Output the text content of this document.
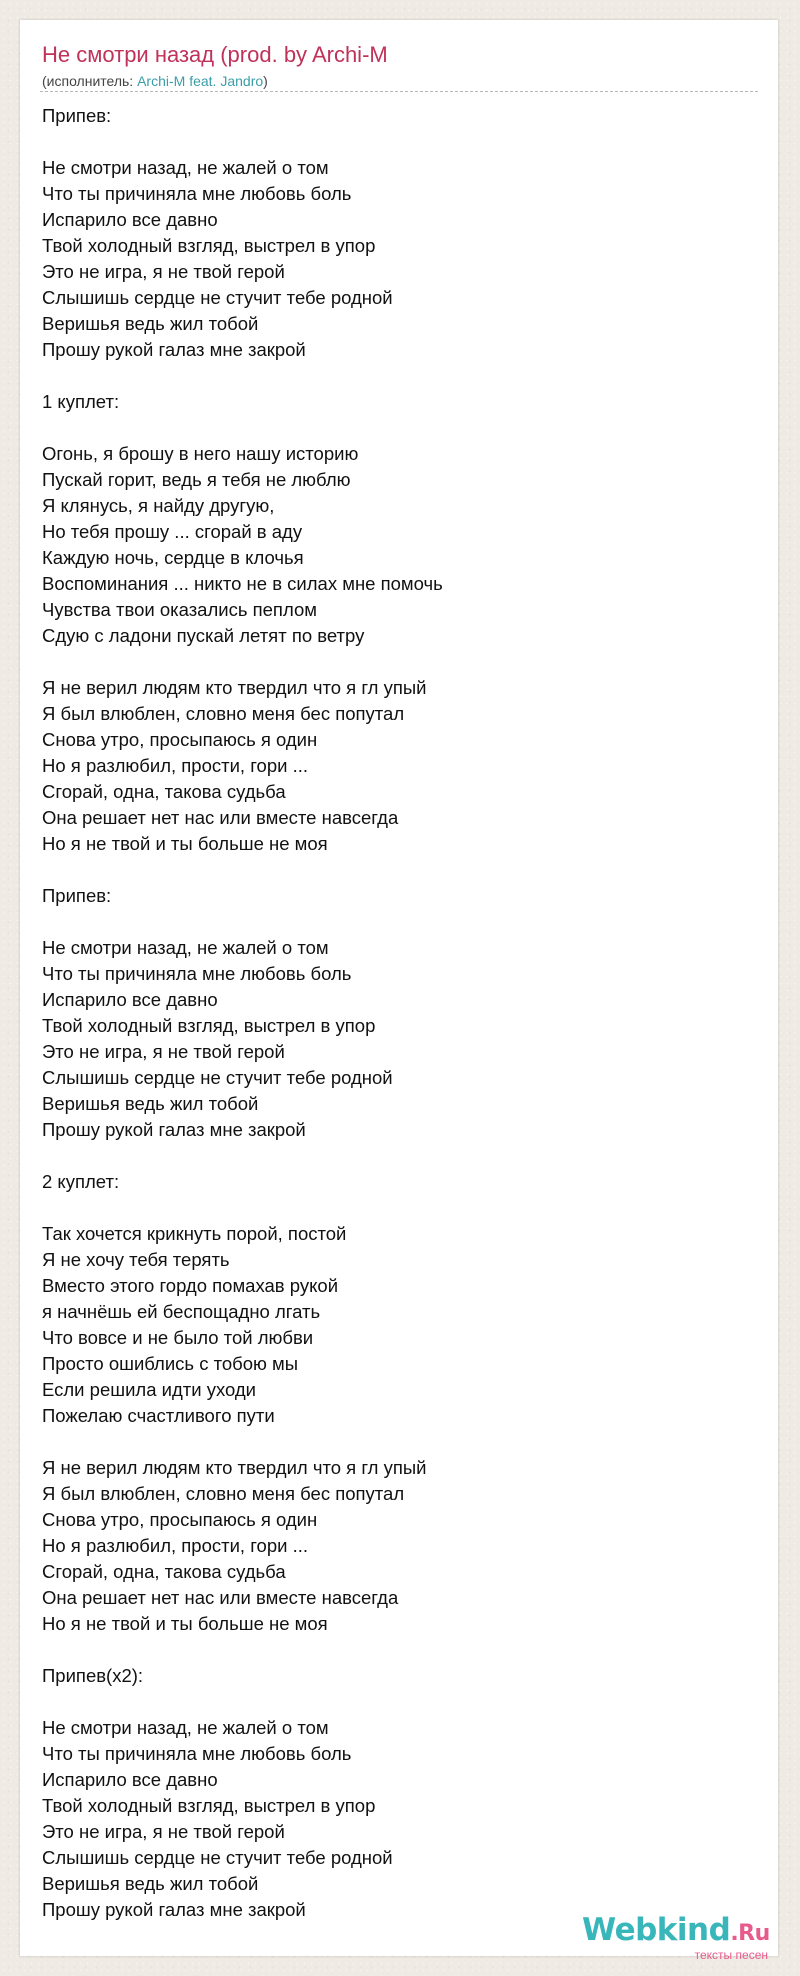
Не смотри назад (prod. by Archi-M
(исполнитель: Archi-M feat. Jandro)
Припев:
Не смотри назад, не жалей о том
Что ты причиняла мне любовь боль
Испарило все давно
Твой холодный взгляд, выстрел в упор
Это не игра, я не твой герой
Слышишь сердце не стучит тебе родной
Веришья ведь жил тобой
Прошу рукой галаз мне закрой
1 куплет:
Огонь, я брошу в него нашу историю
Пускай горит, ведь я тебя не люблю
Я клянусь, я найду другую,
Но тебя прошу ... сгорай в аду
Каждую ночь, сердце в клочья
Воспоминания ... никто не в силах мне помочь
Чувства твои оказались пеплом
Сдую с ладони пускай летят по ветру
Я не верил людям кто твердил что я гл упый
Я был влюблен, словно меня бес попутал
Снова утро, просыпаюсь я один
Но я разлюбил, прости, гори ...
Сгорай, одна, такова судьба
Она решает нет нас или вместе навсегда
Но я не твой и ты больше не моя
Припев:
Не смотри назад, не жалей о том
Что ты причиняла мне любовь боль
Испарило все давно
Твой холодный взгляд, выстрел в упор
Это не игра, я не твой герой
Слышишь сердце не стучит тебе родной
Веришья ведь жил тобой
Прошу рукой галаз мне закрой
2 куплет:
Так хочется крикнуть порой, постой
Я не хочу тебя терять
Вместо этого гордо помахав рукой
я начнёшь ей беспощадно лгать
Что вовсе и не было той любви
Просто ошиблись с тобою мы
Если решила идти уходи
Пожелаю счастливого пути
Я не верил людям кто твердил что я гл упый
Я был влюблен, словно меня бес попутал
Снова утро, просыпаюсь я один
Но я разлюбил, прости, гори ...
Сгорай, одна, такова судьба
Она решает нет нас или вместе навсегда
Но я не твой и ты больше не моя
Припев(x2):
Не смотри назад, не жалей о том
Что ты причиняла мне любовь боль
Испарило все давно
Твой холодный взгляд, выстрел в упор
Это не игра, я не твой герой
Слышишь сердце не стучит тебе родной
Веришья ведь жил тобой
Прошу рукой галаз мне закрой
Webkind.Ru
тексты песен
